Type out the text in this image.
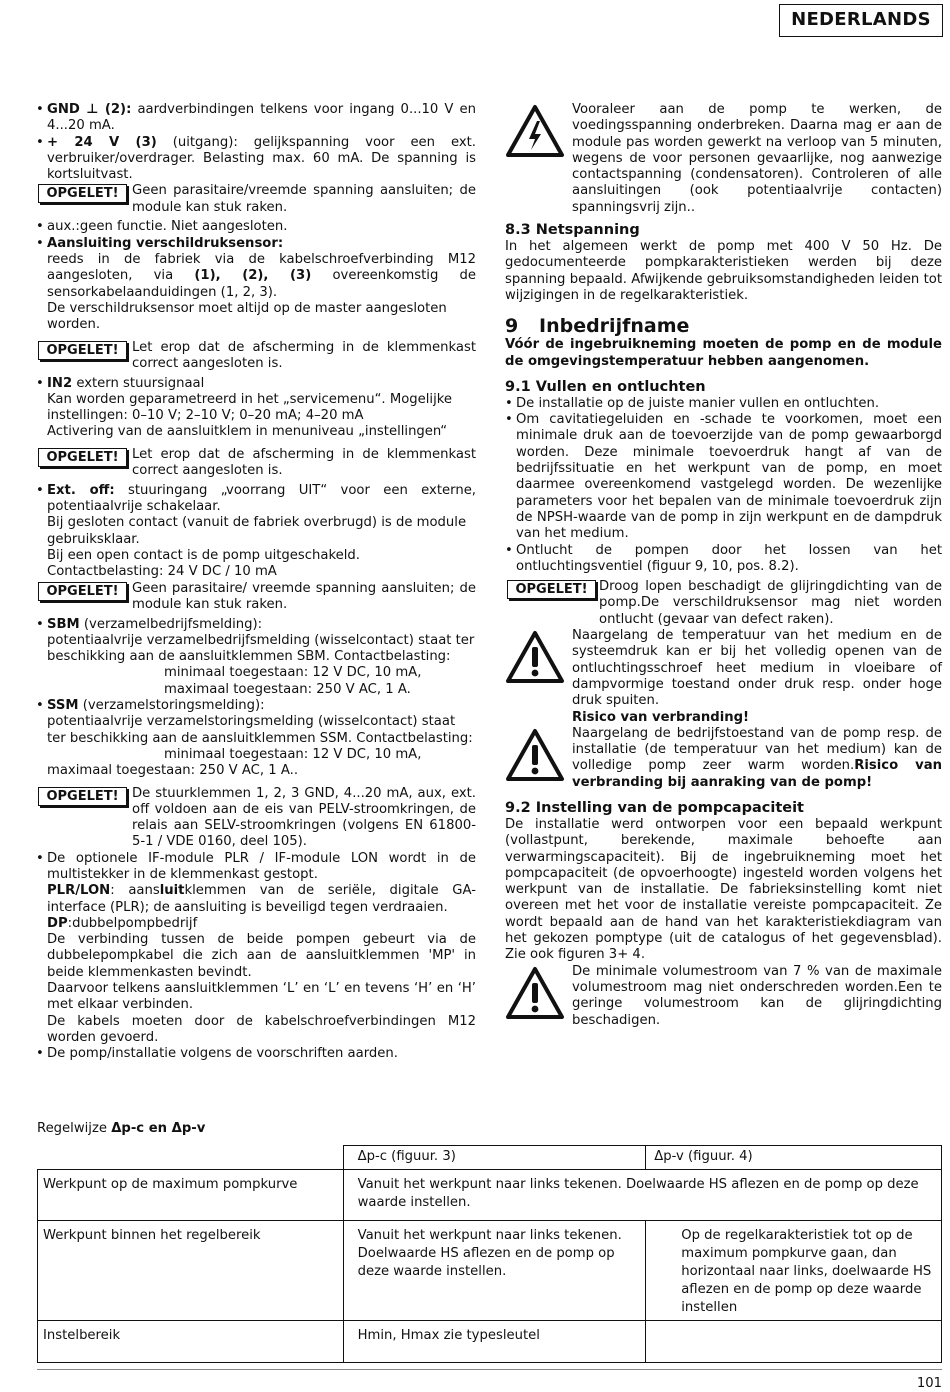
NEDERLANDS
• GND ⊥ (2): aardverbindingen telkens voor ingang 0...10 V en 4...20 mA.
• + 24 V (3) (uitgang): gelijkspanning voor een ext. verbruiker/overdrager. Belasting max. 60 mA. De spanning is kortsluitvast.
OPGELET!	Geen parasitaire/vreemde spanning aansluiten; de module kan stuk raken.
• aux.:geen functie. Niet aangesloten.
• Aansluiting verschildruksensor:
reeds in de fabriek via de kabelschroefverbinding M12 aangesloten, via (1), (2), (3) overeenkomstig de sensorkabelaanduidingen (1, 2, 3).
De verschildruksensor moet altijd op de master aangesloten worden.
OPGELET!	Let erop dat de afscherming in de klemmenkast correct aangesloten is.
• IN2 extern stuursignaal
Kan worden geparametreerd in het „servicemenu“. Mogelijke instellingen: 0–10 V; 2–10 V; 0–20 mA; 4–20 mA
Activering van de aansluitklem in menuniveau „instellingen“
OPGELET!	Let erop dat de afscherming in de klemmenkast correct aangesloten is.
• Ext. off: stuuringang „voorrang UIT“ voor een externe, potentiaalvrije schakelaar.
Bij gesloten contact (vanuit de fabriek overbrugd) is de module gebruiksklaar.
Bij een open contact is de pomp uitgeschakeld.
Contactbelasting: 24 V DC / 10 mA
OPGELET!	Geen parasitaire/ vreemde spanning aansluiten; de module kan stuk raken.
• SBM (verzamelbedrijfsmelding):
potentiaalvrije verzamelbedrijfsmelding (wisselcontact) staat ter beschikking aan de aansluitklemmen SBM. Contactbelasting:
minimaal toegestaan: 12 V DC, 10 mA,
maximaal toegestaan: 250 V AC, 1 A.
• SSM (verzamelstoringsmelding):
potentiaalvrije verzamelstoringsmelding (wisselcontact) staat ter beschikking aan de aansluitklemmen SSM. Contactbelasting:
minimaal toegestaan: 12 V DC, 10 mA,
maximaal toegestaan: 250 V AC, 1 A..
OPGELET!	De stuurklemmen 1, 2, 3 GND, 4...20 mA, aux, ext. off voldoen aan de eis van PELV-stroomkringen, de relais aan SELV-stroomkringen (volgens EN 61800-5-1 / VDE 0160, deel 105).
• De optionele IF-module PLR / IF-module LON wordt in de multistekker in de klemmenkast gestopt.
PLR/LON: aansluitklemmen van de seriële, digitale GA-interface (PLR); de aansluiting is beveiligd tegen verdraaien.
DP:dubbelpompbedrijf
De verbinding tussen de beide pompen gebeurt via de dubbelepompkabel die zich aan de aansluitklemmen 'MP' in beide klemmenkasten bevindt.
Daarvoor telkens aansluitklemmen ‘L’ en ‘L’ en tevens ‘H’ en ‘H’ met elkaar verbinden.
De kabels moeten door de kabelschroefverbindingen M12 worden gevoerd.
• De pomp/installatie volgens de voorschriften aarden.
Vooraleer aan de pomp te werken, de voedingsspanning onderbreken. Daarna mag er aan de module pas worden gewerkt na verloop van 5 minuten, wegens de voor personen gevaarlijke, nog aanwezige contactspanning (condensatoren). Controleren of alle aansluitingen (ook potentiaalvrije contacten) spanningsvrij zijn..
8.3 Netspanning
In het algemeen werkt de pomp met 400 V 50 Hz. De gedocumenteerde pompkarakteristieken werden bij deze spanning bepaald. Afwijkende gebruiksomstandigheden leiden tot wijzigingen in de regelkarakteristiek.
9 Inbedrijfname
Vóór de ingebruikneming moeten de pomp en de module de omgevingstemperatuur hebben aangenomen.
9.1 Vullen en ontluchten
• De installatie op de juiste manier vullen en ontluchten.
• Om cavitatiegeluiden en -schade te voorkomen, moet een minimale druk aan de toevoerzijde van de pomp gewaarborgd worden. Deze minimale toevoerdruk hangt af van de bedrijfssituatie en het werkpunt van de pomp, en moet daarmee overeenkomend vastgelegd worden. De wezenlijke parameters voor het bepalen van de minimale toevoerdruk zijn de NPSH-waarde van de pomp in zijn werkpunt en de dampdruk van het medium.
• Ontlucht de pompen door het lossen van het ontluchtingsventiel (figuur 9, 10, pos. 8.2).
OPGELET! Droog lopen beschadigt de glijringdichting van de pomp.De verschildruksensor mag niet worden ontlucht (gevaar van defect raken).
Naargelang de temperatuur van het medium en de systeemdruk kan er bij het volledig openen van de ontluchtingsschroef heet medium in vloeibare of dampvormige toestand onder druk resp. onder hoge druk spuiten.
Risico van verbranding!
Naargelang de bedrijfstoestand van de pomp resp. de installatie (de temperatuur van het medium) kan de volledige pomp zeer warm worden.Risico van verbranding bij aanraking van de pomp!
9.2 Instelling van de pompcapaciteit
De installatie werd ontworpen voor een bepaald werkpunt (vollastpunt, berekende, maximale behoefte aan verwarmingscapaciteit). Bij de ingebruikneming moet het pompcapaciteit (de opvoerhoogte) ingesteld worden volgens het werkpunt van de installatie. De fabrieksinstelling komt niet overeen met het voor de installatie vereiste pompcapaciteit. Ze wordt bepaald aan de hand van het karakteristiekdiagram van het gekozen pomptype (uit de catalogus of het gegevensblad). Zie ook figuren 3+ 4.
De minimale volumestroom van 7 % van de maximale volumestroom mag niet onderschreden worden.Een te geringe volumestroom kan de glijringdichting beschadigen.
Regelwijze Δp-c en Δp-v
	Δp-c (figuur. 3)	Δp-v (figuur. 4)
Werkpunt op de maximum pompkurve	Vanuit het werkpunt naar links tekenen. Doelwaarde HS aflezen en de pomp op deze waarde instellen.	
Werkpunt binnen het regelbereik	Vanuit het werkpunt naar links tekenen. Doelwaarde HS aflezen en de pomp op deze waarde instellen.	Op de regelkarakteristiek tot op de maximum pompkurve gaan, dan horizontaal naar links, doelwaarde HS aflezen en de pomp op deze waarde instellen
Instelbereik	Hmin, Hmax zie typesleutel	
101
